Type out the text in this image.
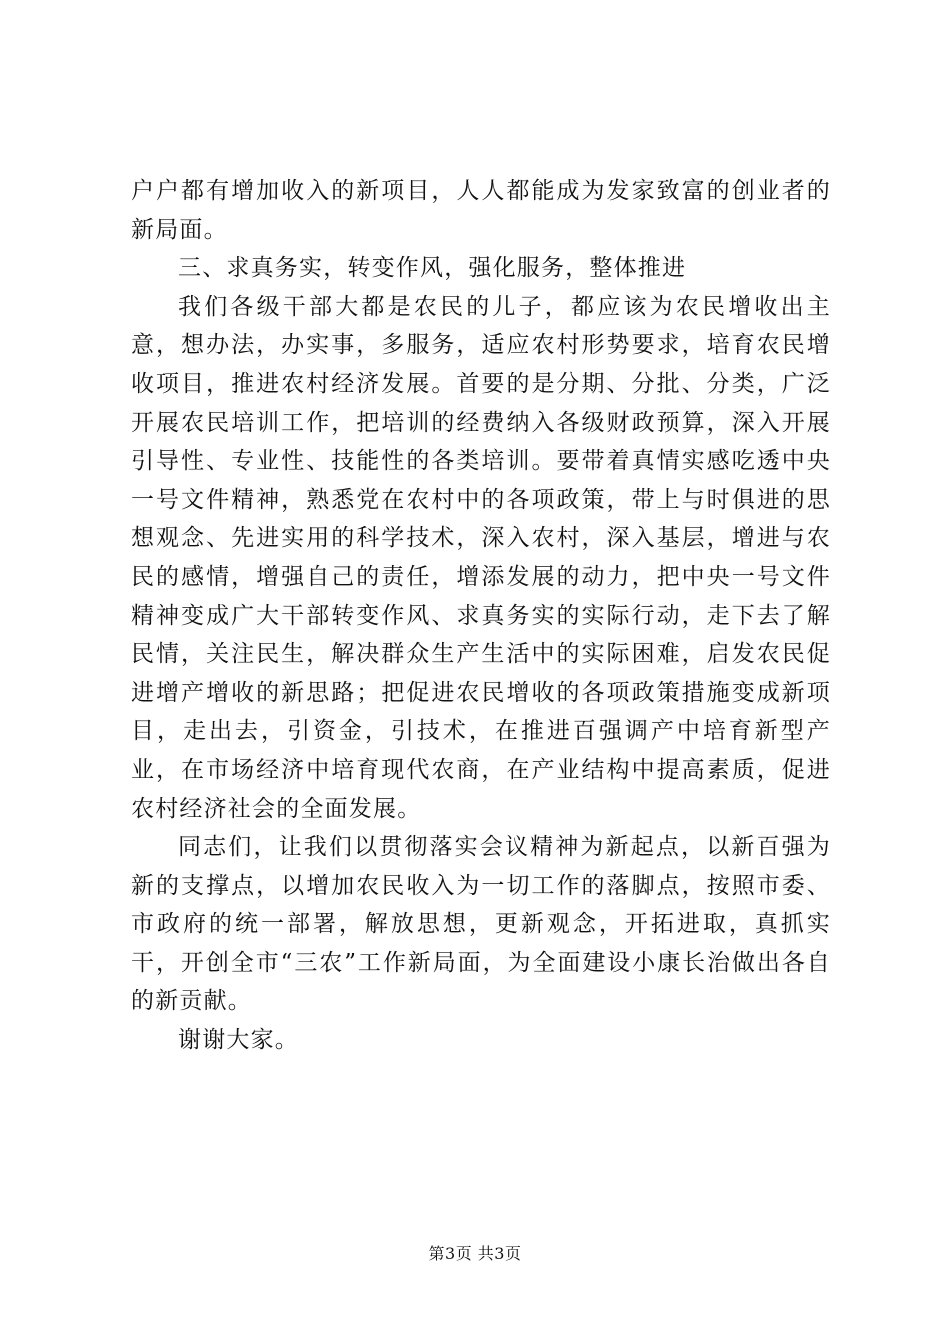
户户都有增加收入的新项目，人人都能成为发家致富的创业者的新局面。

三、求真务实，转变作风，强化服务，整体推进

我们各级干部大都是农民的儿子，都应该为农民增收出主意，想办法，办实事，多服务，适应农村形势要求，培育农民增收项目，推进农村经济发展。首要的是分期、分批、分类，广泛开展农民培训工作，把培训的经费纳入各级财政预算，深入开展引导性、专业性、技能性的各类培训。要带着真情实感吃透中央一号文件精神，熟悉党在农村中的各项政策，带上与时俱进的思想观念、先进实用的科学技术，深入农村，深入基层，增进与农民的感情，增强自己的责任，增添发展的动力，把中央一号文件精神变成广大干部转变作风、求真务实的实际行动，走下去了解民情，关注民生，解决群众生产生活中的实际困难，启发农民促进增产增收的新思路；把促进农民增收的各项政策措施变成新项目，走出去，引资金，引技术，在推进百强调产中培育新型产业，在市场经济中培育现代农商，在产业结构中提高素质，促进农村经济社会的全面发展。

同志们，让我们以贯彻落实会议精神为新起点，以新百强为新的支撑点，以增加农民收入为一切工作的落脚点，按照市委、市政府的统一部署，解放思想，更新观念，开拓进取，真抓实干，开创全市“三农”工作新局面，为全面建设小康长治做出各自的新贡献。

谢谢大家。

第3页 共3页
